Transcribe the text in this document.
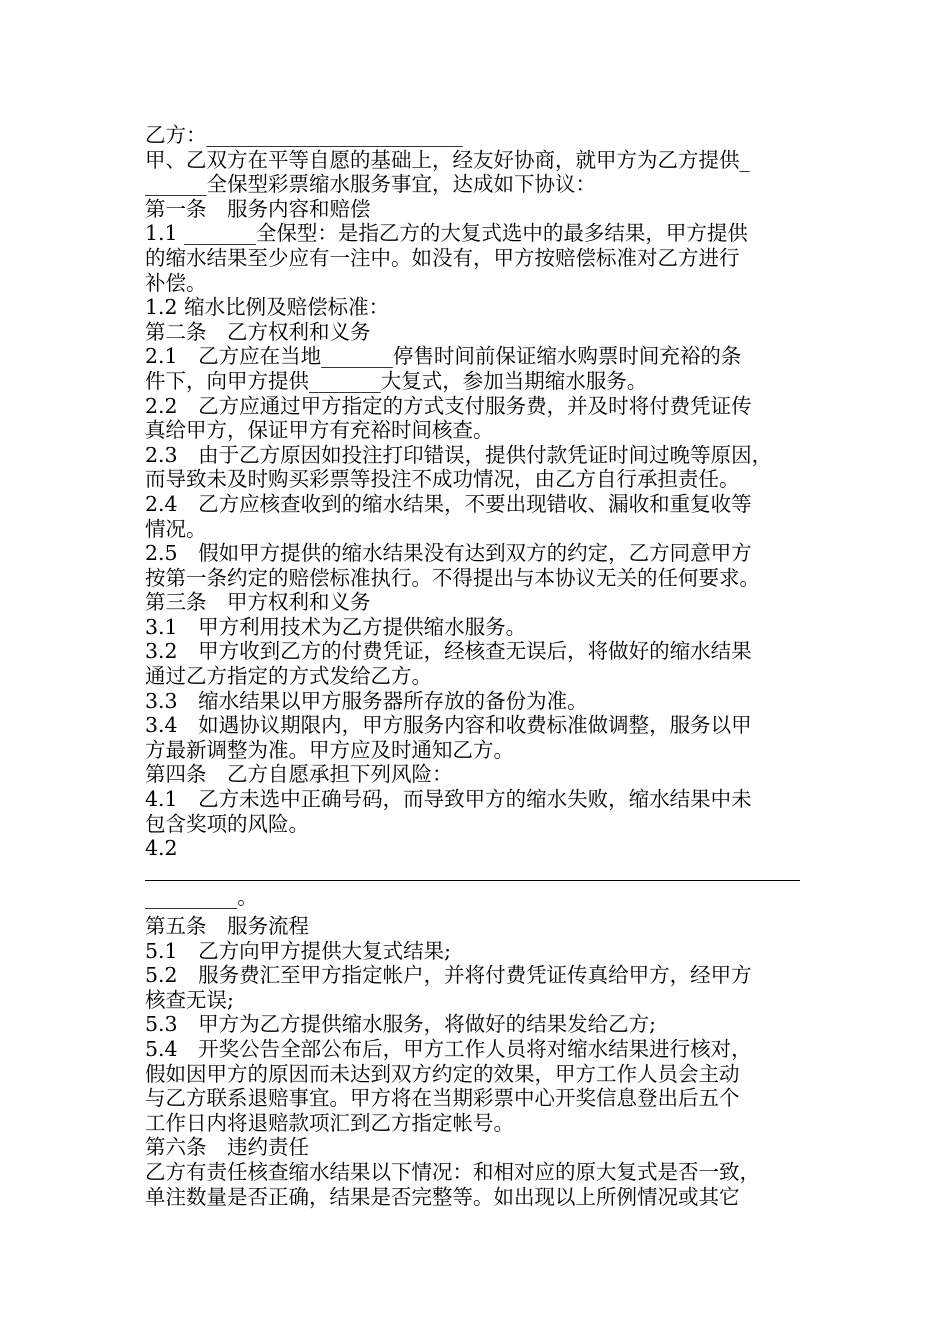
乙方：_________________________
甲、乙双方在平等自愿的基础上，经友好协商，就甲方为乙方提供_
______全保型彩票缩水服务事宜，达成如下协议：
第一条　服务内容和赔偿
1.1 _______全保型：是指乙方的大复式选中的最多结果，甲方提供
的缩水结果至少应有一注中。如没有，甲方按赔偿标准对乙方进行
补偿。
1.2 缩水比例及赔偿标准：
第二条　乙方权利和义务
2.1　乙方应在当地_______停售时间前保证缩水购票时间充裕的条
件下，向甲方提供_______大复式，参加当期缩水服务。
2.2　乙方应通过甲方指定的方式支付服务费，并及时将付费凭证传
真给甲方，保证甲方有充裕时间核查。
2.3　由于乙方原因如投注打印错误，提供付款凭证时间过晚等原因，
而导致未及时购买彩票等投注不成功情况，由乙方自行承担责任。
2.4　乙方应核查收到的缩水结果，不要出现错收、漏收和重复收等
情况。
2.5　假如甲方提供的缩水结果没有达到双方的约定，乙方同意甲方
按第一条约定的赔偿标准执行。不得提出与本协议无关的任何要求。
第三条　甲方权利和义务
3.1　甲方利用技术为乙方提供缩水服务。
3.2　甲方收到乙方的付费凭证，经核查无误后，将做好的缩水结果
通过乙方指定的方式发给乙方。
3.3　缩水结果以甲方服务器所存放的备份为准。
3.4　如遇协议期限内，甲方服务内容和收费标准做调整，服务以甲
方最新调整为准。甲方应及时通知乙方。
第四条　乙方自愿承担下列风险：
4.1　乙方未选中正确号码，而导致甲方的缩水失败，缩水结果中未
包含奖项的风险。
4.2
_________。
第五条　服务流程
5.1　乙方向甲方提供大复式结果;
5.2　服务费汇至甲方指定帐户，并将付费凭证传真给甲方，经甲方
核查无误;
5.3　甲方为乙方提供缩水服务，将做好的结果发给乙方;
5.4　开奖公告全部公布后，甲方工作人员将对缩水结果进行核对，
假如因甲方的原因而未达到双方约定的效果，甲方工作人员会主动
与乙方联系退赔事宜。甲方将在当期彩票中心开奖信息登出后五个
工作日内将退赔款项汇到乙方指定帐号。
第六条　违约责任
乙方有责任核查缩水结果以下情况：和相对应的原大复式是否一致，
单注数量是否正确，结果是否完整等。如出现以上所例情况或其它
